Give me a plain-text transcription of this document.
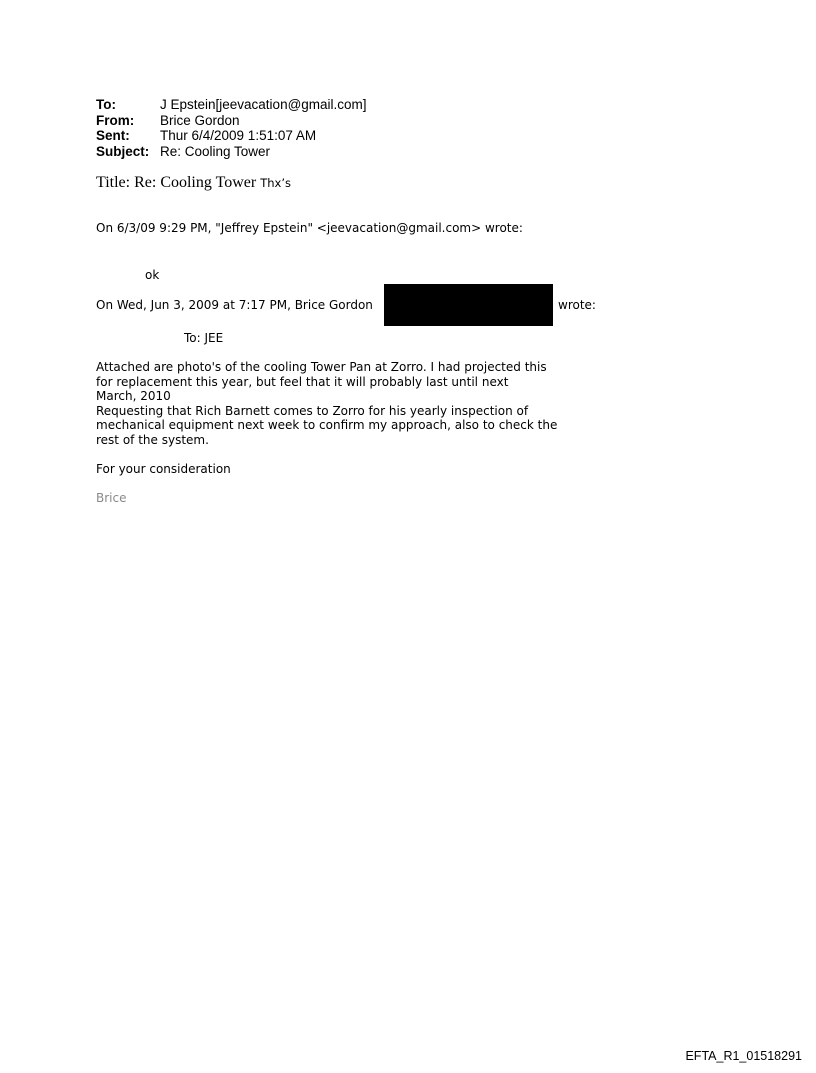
To:	J Epstein[jeevacation@gmail.com]
From:	Brice Gordon
Sent:	Thur 6/4/2009 1:51:07 AM
Subject: Re: Cooling Tower
Title: Re: Cooling Tower Thx’s
On 6/3/09 9:29 PM, "Jeffrey Epstein" <jeevacation@gmail.com> wrote:
ok
On Wed, Jun 3, 2009 at 7:17 PM, Brice Gordon	wrote:
To: JEE
Attached are photo's of the cooling Tower Pan at Zorro. I had projected this
for replacement this year, but feel that it will probably last until next
March, 2010
Requesting that Rich Barnett comes to Zorro for his yearly inspection of
mechanical equipment next week to confirm my approach, also to check the
rest of the system.
For your consideration
Brice
EFTA_R1_01518291
